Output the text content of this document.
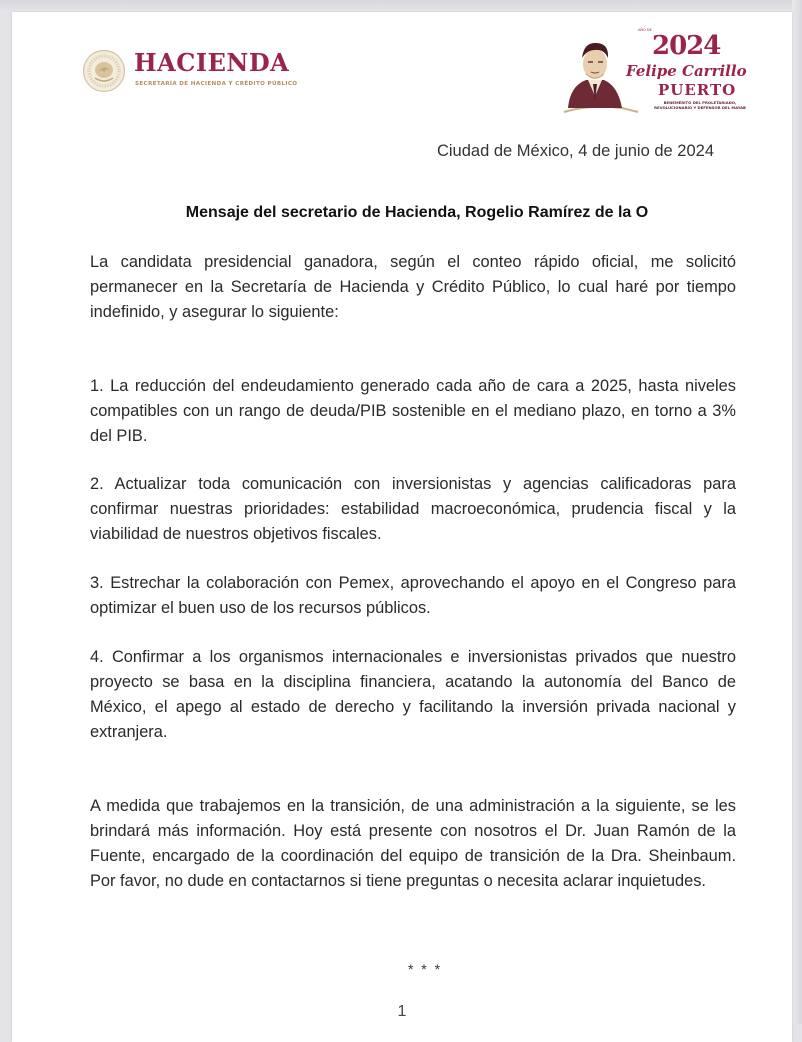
HACIENDA
SECRETARÍA DE HACIENDA Y CRÉDITO PÚBLICO
AÑO DE
2024
Felipe Carrillo
PUERTO
BENEMÉRITO DEL PROLETARIADO, REVOLUCIONARIO Y DEFENSOR DEL MAYAB
Ciudad de México, 4 de junio de 2024
Mensaje del secretario de Hacienda, Rogelio Ramírez de la O
La candidata presidencial ganadora, según el conteo rápido oficial, me solicitó permanecer en la Secretaría de Hacienda y Crédito Público, lo cual haré por tiempo indefinido, y asegurar lo siguiente:
1. La reducción del endeudamiento generado cada año de cara a 2025, hasta niveles compatibles con un rango de deuda/PIB sostenible en el mediano plazo, en torno a 3% del PIB.
2. Actualizar toda comunicación con inversionistas y agencias calificadoras para confirmar nuestras prioridades: estabilidad macroeconómica, prudencia fiscal y la viabilidad de nuestros objetivos fiscales.
3. Estrechar la colaboración con Pemex, aprovechando el apoyo en el Congreso para optimizar el buen uso de los recursos públicos.
4. Confirmar a los organismos internacionales e inversionistas privados que nuestro proyecto se basa en la disciplina financiera, acatando la autonomía del Banco de México, el apego al estado de derecho y facilitando la inversión privada nacional y extranjera.
A medida que trabajemos en la transición, de una administración a la siguiente, se les brindará más información. Hoy está presente con nosotros el Dr. Juan Ramón de la Fuente, encargado de la coordinación del equipo de transición de la Dra. Sheinbaum. Por favor, no dude en contactarnos si tiene preguntas o necesita aclarar inquietudes.
* * *
1
